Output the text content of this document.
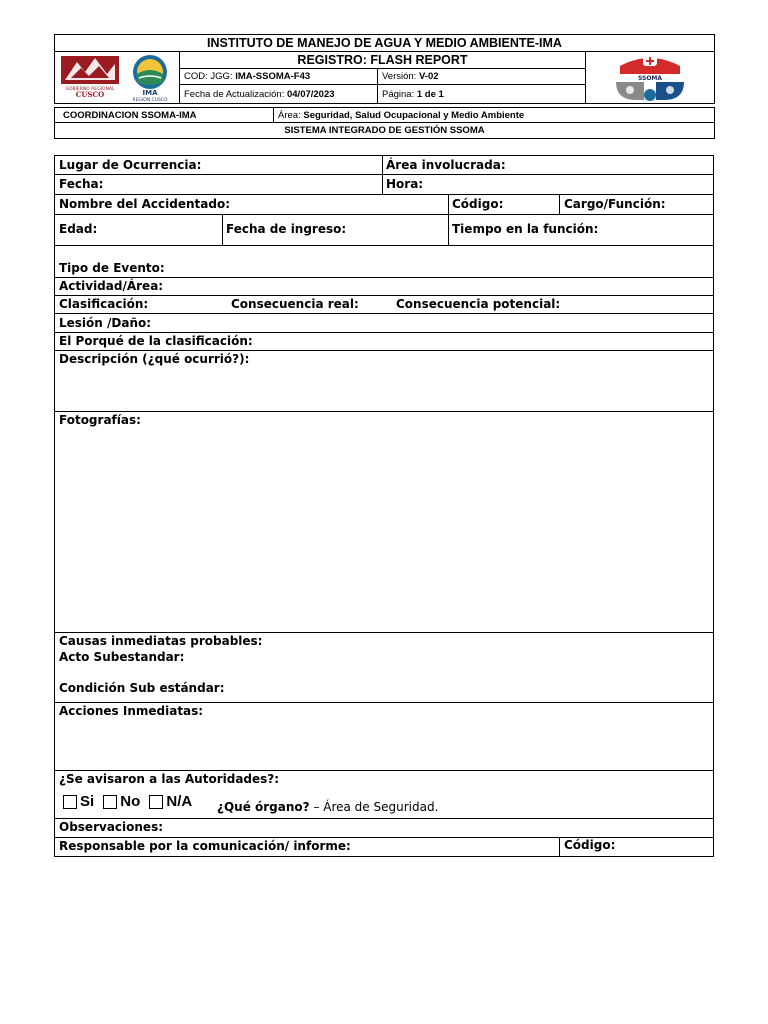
INSTITUTO DE MANEJO DE AGUA Y MEDIO AMBIENTE-IMA
GOBIERNO REGIONAL
CUSCO	IMA
REGIÓN CUSCO
REGISTRO: FLASH REPORT
COD: JGG: IMA-SSOMA-F43	Versión: V-02
Fecha de Actualización: 04/07/2023	Página: 1 de 1
SSOMA
COORDINACION SSOMA-IMA	Área: Seguridad, Salud Ocupacional y Medio Ambiente
SISTEMA INTEGRADO DE GESTIÓN SSOMA
Lugar de Ocurrencia:	Área involucrada:
Fecha:	Hora:
Nombre del Accidentado:	Código:	Cargo/Función:
Edad:	Fecha de ingreso:	Tiempo en la función:
Tipo de Evento:
Actividad/Área:
Clasificación:	Consecuencia real:	Consecuencia potencial:
Lesión /Daño:
El Porqué de la clasificación:
Descripción (¿qué ocurrió?):
Fotografías:
Causas inmediatas probables:
Acto Subestandar:
Condición Sub estándar:
Acciones Inmediatas:
¿Se avisaron a las Autoridades?:
Si No N/A	¿Qué órgano? – Área de Seguridad.
Observaciones:
Responsable por la comunicación/ informe:	Código:
